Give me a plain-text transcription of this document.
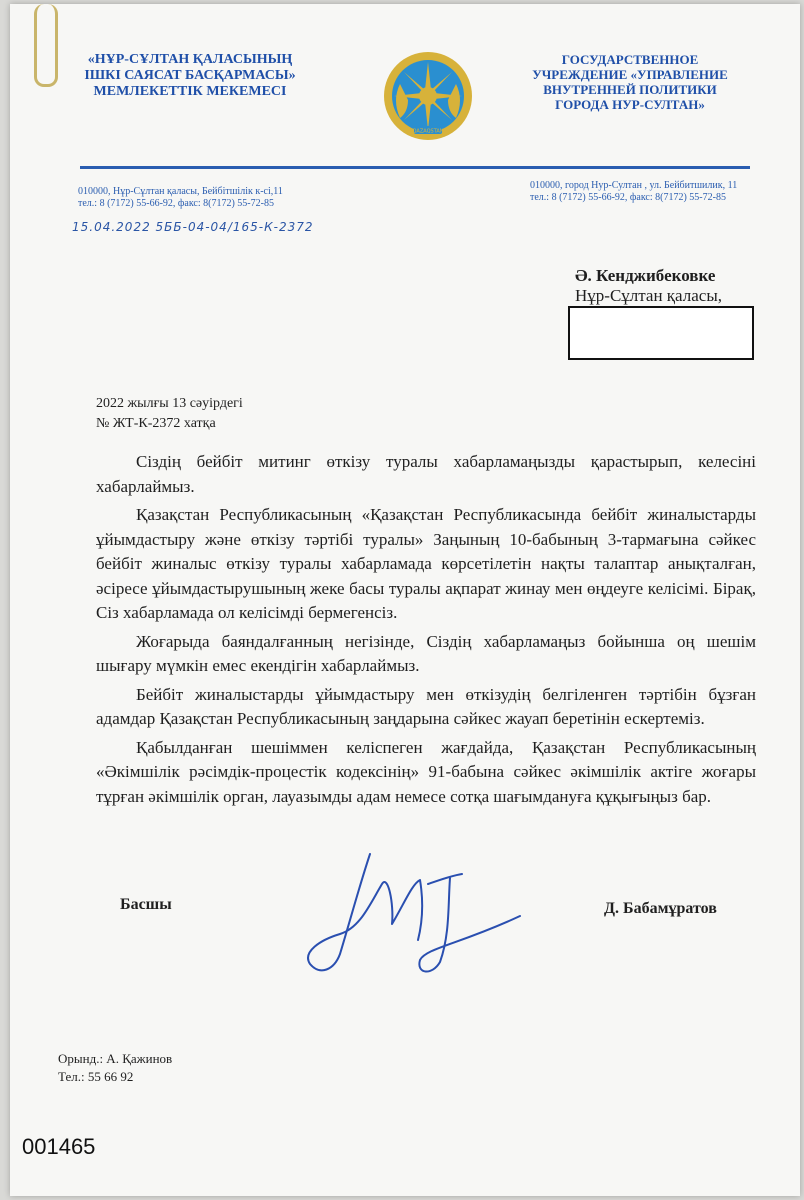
«НҰР-СҰЛТАН ҚАЛАСЫНЫҢ
ІШКІ САЯСАТ БАСҚАРМАСЫ»
МЕМЛЕКЕТТІК МЕКЕМЕСІ
QAZAQSTAN
ГОСУДАРСТВЕННОЕ
УЧРЕЖДЕНИЕ «УПРАВЛЕНИЕ
ВНУТРЕННЕЙ ПОЛИТИКИ
ГОРОДА НУР-СУЛТАН»
010000, Нұр-Сұлтан қаласы, Бейбітшілік к-сі,11
тел.: 8 (7172) 55-66-92, факс: 8(7172) 55-72-85
010000, город Нур-Султан , ул. Бейбитшилик, 11
тел.: 8 (7172) 55-66-92, факс: 8(7172) 55-72-85
15.04.2022 5ББ-04-04/165-К-2372
Ә. Кенджибековке
Нұр-Сұлтан қаласы,
2022 жылғы 13 сәуірдегі
№ ЖТ-К-2372 хатқа

Сіздің бейбіт митинг өткізу туралы хабарламаңызды қарастырып, келесіні хабарлаймыз.

Қазақстан Республикасының «Қазақстан Республикасында бейбіт жиналыстарды ұйымдастыру және өткізу тәртібі туралы» Заңының 10-бабының 3-тармағына сәйкес бейбіт жиналыс өткізу туралы хабарламада көрсетілетін нақты талаптар анықталған, әсіресе ұйымдастырушының жеке басы туралы ақпарат жинау мен өңдеуге келісімі. Бірақ, Сіз хабарламада ол келісімді бермегенсіз.

Жоғарыда баяндалғанның негізінде, Сіздің хабарламаңыз бойынша оң шешім шығару мүмкін емес екендігін хабарлаймыз.

Бейбіт жиналыстарды ұйымдастыру мен өткізудің белгіленген тәртібін бұзған адамдар Қазақстан Республикасының заңдарына сәйкес жауап беретінін ескертеміз.

Қабылданған шешіммен келіспеген жағдайда, Қазақстан Республикасының «Әкімшілік рәсімдік-процестік кодексінің» 91-бабына сәйкес әкімшілік актіге жоғары тұрған әкімшілік орган, лауазымды адам немесе сотқа шағымдануға құқығыңыз бар.

Басшы	Д. Бабамұратов
Орынд.: А. Қажинов
Тел.: 55 66 92
001465
